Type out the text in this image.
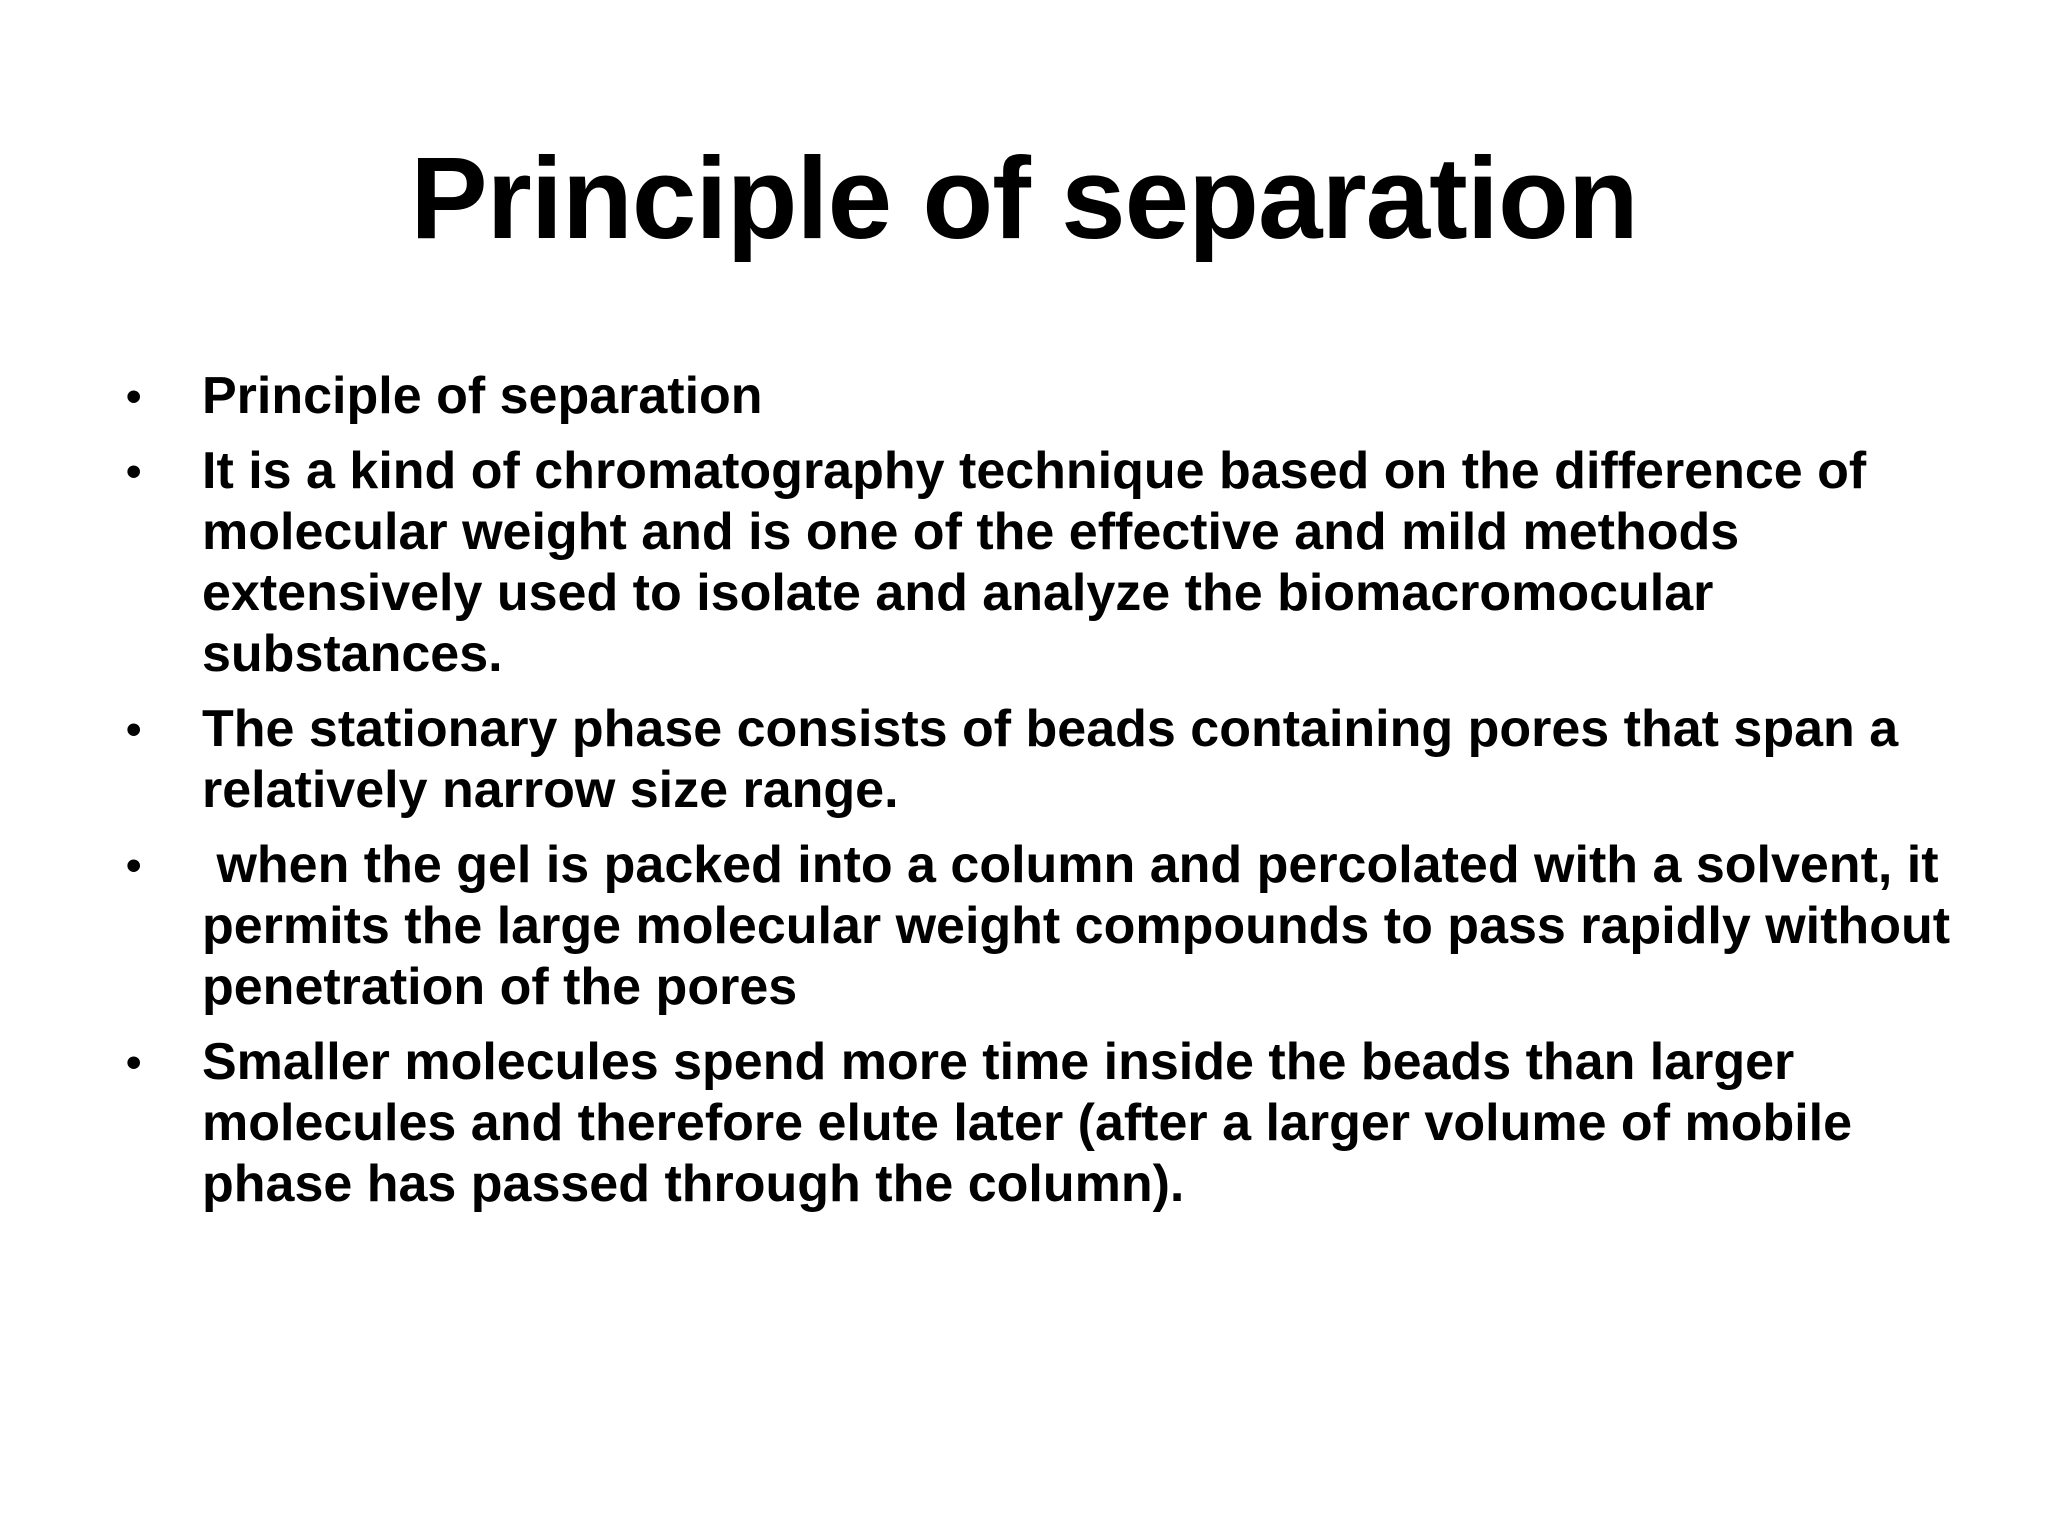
Principle of separation
•	Principle of separation
•	It is a kind of chromatography technique based on the difference of molecular weight and is one of the effective and mild methods extensively used to isolate and analyze the biomacromocular substances.
•	The stationary phase consists of beads containing pores that span a relatively narrow size range.
•	when the gel is packed into a column and percolated with a solvent, it permits the large molecular weight compounds to pass rapidly without penetration of the pores
•	Smaller molecules spend more time inside the beads than larger molecules and therefore elute later (after a larger volume of mobile phase has passed through the column).
